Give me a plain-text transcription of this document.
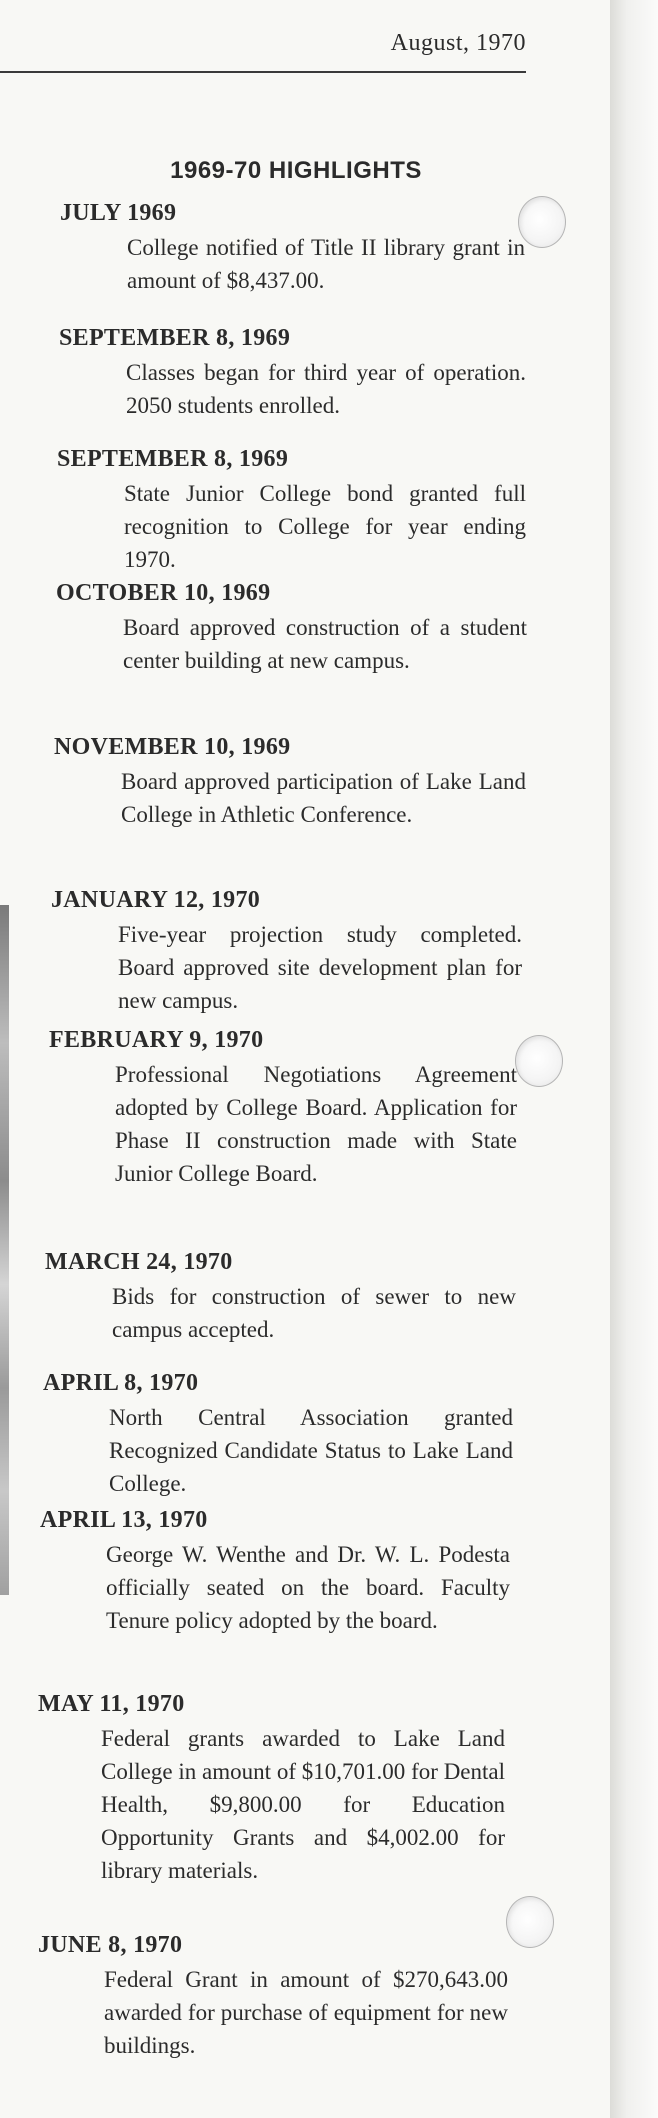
August, 1970
1969-70 HIGHLIGHTS
JULY 1969
College notified of Title II library grant in amount of $8,437.00.
SEPTEMBER 8, 1969
Classes began for third year of operation. 2050 students enrolled.
SEPTEMBER 8, 1969
State Junior College bond granted full recognition to College for year ending 1970.
OCTOBER 10, 1969
Board approved construction of a student center building at new campus.
NOVEMBER 10, 1969
Board approved participation of Lake Land College in Athletic Conference.
JANUARY 12, 1970
Five-year projection study completed. Board approved site development plan for new campus.
FEBRUARY 9, 1970
Professional Negotiations Agreement adopted by College Board. Application for Phase II construction made with State Junior College Board.
MARCH 24, 1970
Bids for construction of sewer to new campus accepted.
APRIL 8, 1970
North Central Association granted Recognized Candidate Status to Lake Land College.
APRIL 13, 1970
George W. Wenthe and Dr. W. L. Podesta officially seated on the board. Faculty Tenure policy adopted by the board.
MAY 11, 1970
Federal grants awarded to Lake Land College in amount of $10,701.00 for Dental Health, $9,800.00 for Education Opportunity Grants and $4,002.00 for library materials.
JUNE 8, 1970
Federal Grant in amount of $270,643.00 awarded for purchase of equipment for new buildings.
